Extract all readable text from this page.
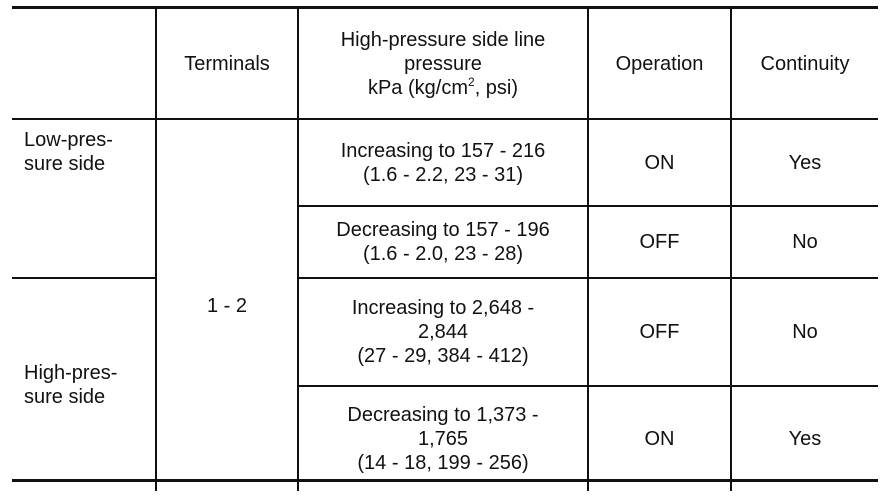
	Terminals	High-pressure side line
pressure
kPa ($kg/cm^2$, psi)	Operation	Continuity

Low-pres-
sure side	1 - 2	Increasing to 157 - 216
(1.6 - 2.2, 23 - 31)	ON	Yes

		Decreasing to 157 - 196
(1.6 - 2.0, 23 - 28)	OFF	No

High-pres-
sure side		Increasing to 2,648 -
2,844
(27 - 29, 384 - 412)	OFF	No

		Decreasing to 1,373 -
1,765
(14 - 18, 199 - 256)	ON	Yes
